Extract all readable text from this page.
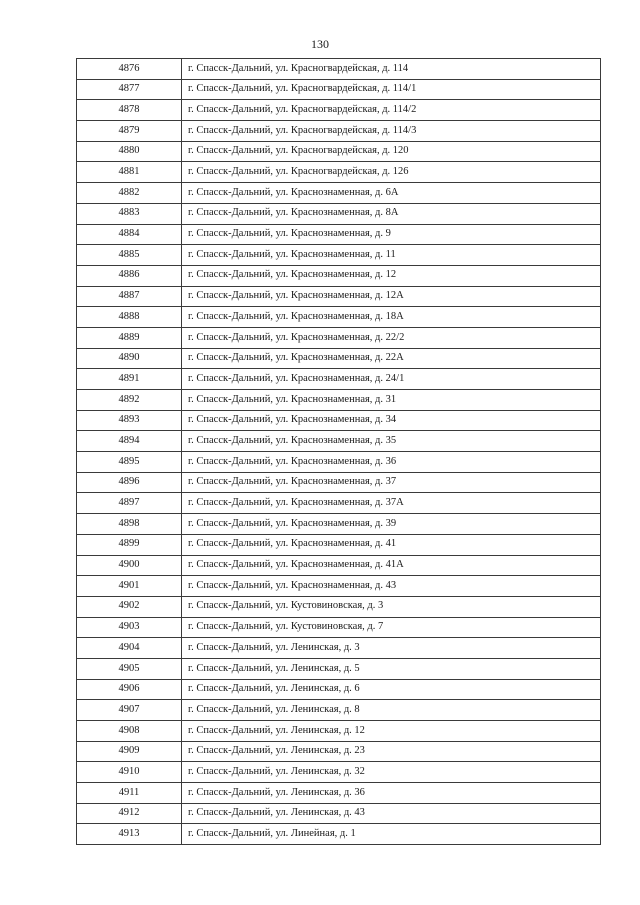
130
4876	г. Спасск-Дальний, ул. Красногвардейская, д. 114
4877	г. Спасск-Дальний, ул. Красногвардейская, д. 114/1
4878	г. Спасск-Дальний, ул. Красногвардейская, д. 114/2
4879	г. Спасск-Дальний, ул. Красногвардейская, д. 114/3
4880	г. Спасск-Дальний, ул. Красногвардейская, д. 120
4881	г. Спасск-Дальний, ул. Красногвардейская, д. 126
4882	г. Спасск-Дальний, ул. Краснознаменная, д. 6А
4883	г. Спасск-Дальний, ул. Краснознаменная, д. 8А
4884	г. Спасск-Дальний, ул. Краснознаменная, д. 9
4885	г. Спасск-Дальний, ул. Краснознаменная, д. 11
4886	г. Спасск-Дальний, ул. Краснознаменная, д. 12
4887	г. Спасск-Дальний, ул. Краснознаменная, д. 12А
4888	г. Спасск-Дальний, ул. Краснознаменная, д. 18А
4889	г. Спасск-Дальний, ул. Краснознаменная, д. 22/2
4890	г. Спасск-Дальний, ул. Краснознаменная, д. 22А
4891	г. Спасск-Дальний, ул. Краснознаменная, д. 24/1
4892	г. Спасск-Дальний, ул. Краснознаменная, д. 31
4893	г. Спасск-Дальний, ул. Краснознаменная, д. 34
4894	г. Спасск-Дальний, ул. Краснознаменная, д. 35
4895	г. Спасск-Дальний, ул. Краснознаменная, д. 36
4896	г. Спасск-Дальний, ул. Краснознаменная, д. 37
4897	г. Спасск-Дальний, ул. Краснознаменная, д. 37А
4898	г. Спасск-Дальний, ул. Краснознаменная, д. 39
4899	г. Спасск-Дальний, ул. Краснознаменная, д. 41
4900	г. Спасск-Дальний, ул. Краснознаменная, д. 41А
4901	г. Спасск-Дальний, ул. Краснознаменная, д. 43
4902	г. Спасск-Дальний, ул. Кустовиновская, д. 3
4903	г. Спасск-Дальний, ул. Кустовиновская, д. 7
4904	г. Спасск-Дальний, ул. Ленинская, д. 3
4905	г. Спасск-Дальний, ул. Ленинская, д. 5
4906	г. Спасск-Дальний, ул. Ленинская, д. 6
4907	г. Спасск-Дальний, ул. Ленинская, д. 8
4908	г. Спасск-Дальний, ул. Ленинская, д. 12
4909	г. Спасск-Дальний, ул. Ленинская, д. 23
4910	г. Спасск-Дальний, ул. Ленинская, д. 32
4911	г. Спасск-Дальний, ул. Ленинская, д. 36
4912	г. Спасск-Дальний, ул. Ленинская, д. 43
4913	г. Спасск-Дальний, ул. Линейная, д. 1
